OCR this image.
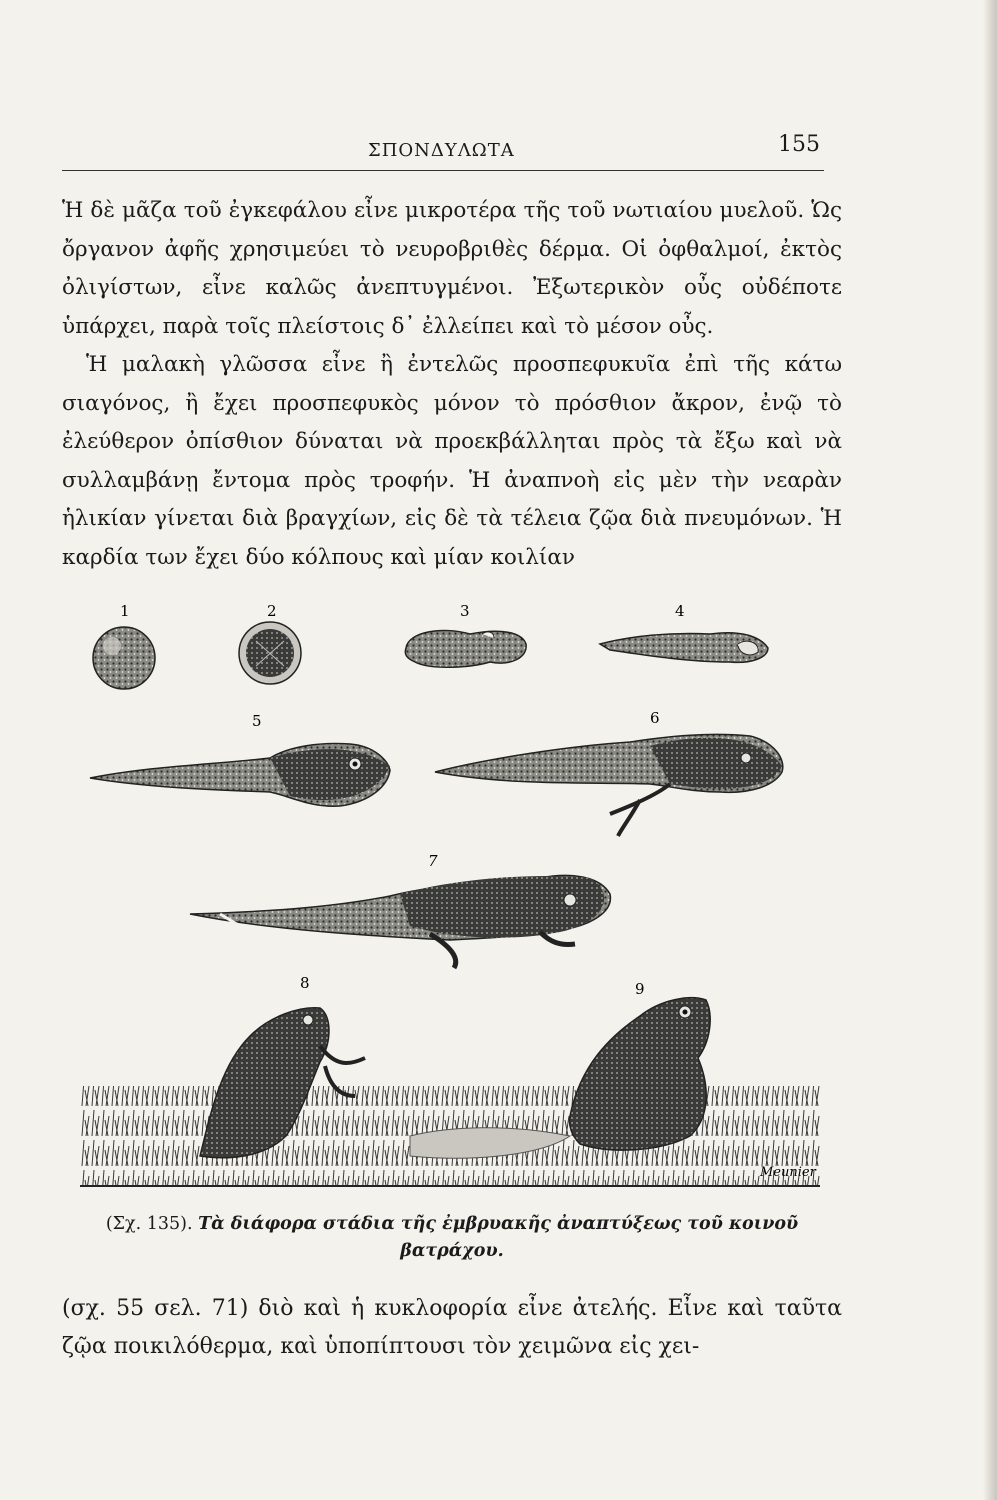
ΣΠΟΝΔΥΛΩΤΑ	155

Ἡ δὲ μᾶζα τοῦ ἐγκεφάλου εἶνε μικροτέρα τῆς τοῦ νωτιαίου μυελοῦ. Ὡς ὄργανον ἀφῆς χρησιμεύει τὸ νευροβριθὲς δέρμα. Οἱ ὀφθαλμοί, ἐκτὸς ὀλιγίστων, εἶνε καλῶς ἀνεπτυγμένοι. Ἐξωτερικὸν οὖς οὐδέποτε ὑπάρχει, παρὰ τοῖς πλείστοις δ᾽ ἐλλείπει καὶ τὸ μέσον οὖς.

Ἡ μαλακὴ γλῶσσα εἶνε ἢ ἐντελῶς προσπεφυκυῖα ἐπὶ τῆς κάτω σιαγόνος, ἢ ἔχει προσπεφυκὸς μόνον τὸ πρόσθιον ἄκρον, ἐνῷ τὸ ἐλεύθερον ὀπίσθιον δύναται νὰ προεκβάλληται πρὸς τὰ ἔξω καὶ νὰ συλλαμβάνῃ ἔντομα πρὸς τροφήν. Ἡ ἀναπνοὴ εἰς μὲν τὴν νεαρὰν ἡλικίαν γίνεται διὰ βραγχίων, εἰς δὲ τὰ τέλεια ζῷα διὰ πνευμόνων. Ἡ καρδία των ἔχει δύο κόλπους καὶ μίαν κοιλίαν

1	2	3	4
5	6
7
8	9
Meunier
(Σχ. 135). Τὰ διάφορα στάδια τῆς ἐμβρυακῆς ἀναπτύξεως τοῦ κοινοῦ βατράχου.

(σχ. 55 σελ. 71) διὸ καὶ ἡ κυκλοφορία εἶνε ἀτελής. Εἶνε καὶ ταῦτα ζῷα ποικιλόθερμα, καὶ ὑποπίπτουσι τὸν χειμῶνα εἰς χει-
